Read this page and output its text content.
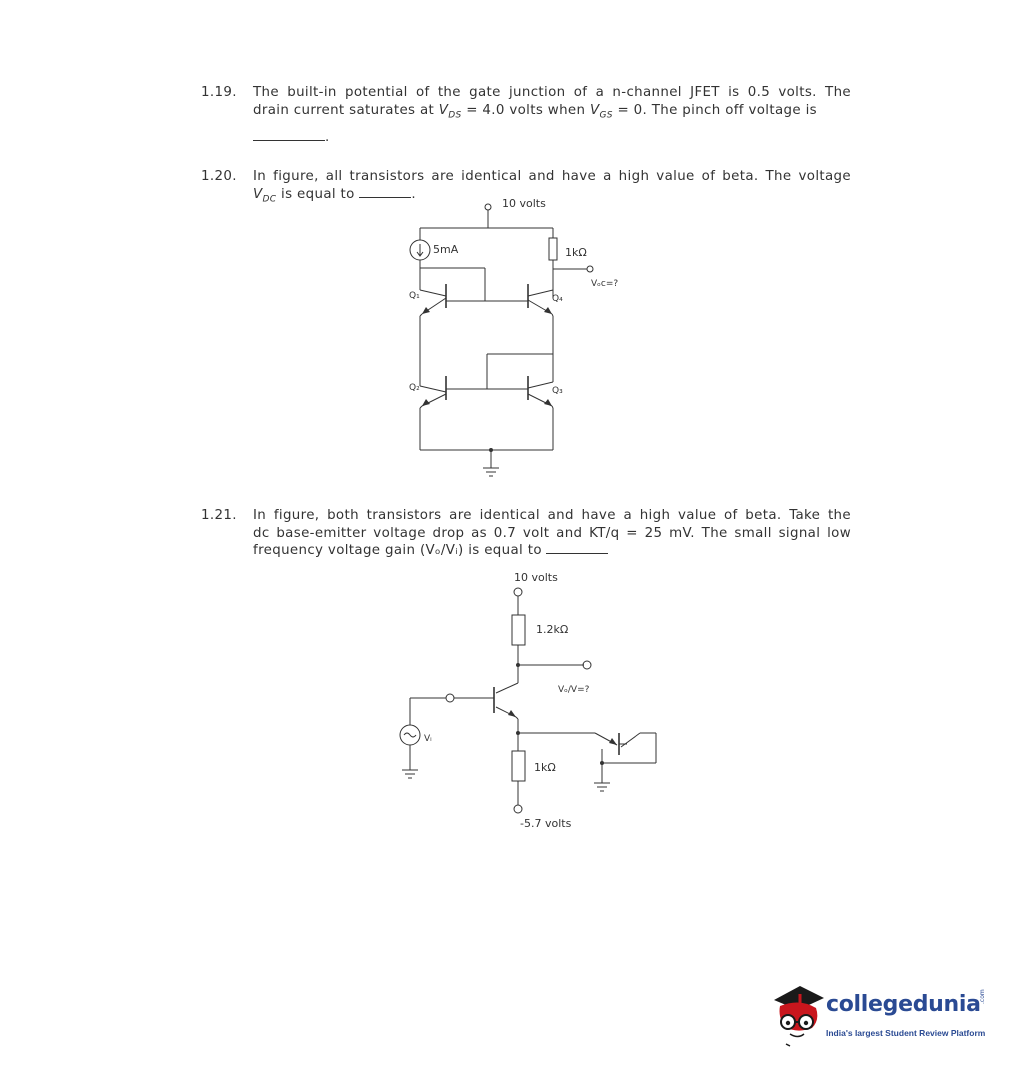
1.19. The built-in potential of the gate junction of a n-channel JFET is 0.5 volts. The
drain current saturates at $V_{DS} = 4.0$ volts when $V_{GS} = 0$. The pinch off voltage is
.
1.20. In figure, all transistors are identical and have a high value of beta. The voltage
$V_{DC}$ is equal to	.
10 volts
5mA	1kΩ
Vₒc=?
Q₁
Q₂	Q₃
Q₄
1.21. In figure, both transistors are identical and have a high value of beta. Take the
dc base-emitter voltage drop as 0.7 volt and KT/q = 25 mV. The small signal low
frequency voltage gain (Vₒ/Vᵢ) is equal to
10 volts
1.2kΩ
Vₒ/V=?
Vᵢ
1kΩ
-5.7 volts
collegedunia
.com
India's largest Student Review Platform
